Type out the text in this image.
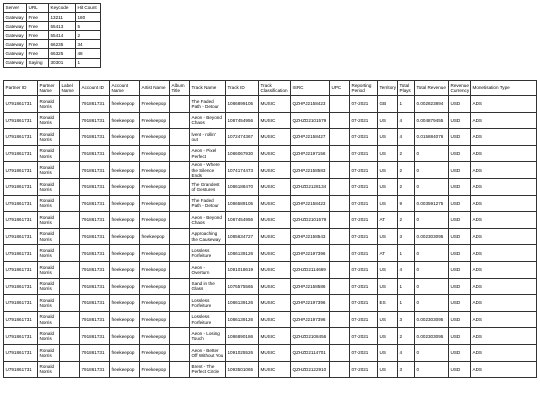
Server	URL	Keycode	Hit Count
Gateway	Free	13211	180
Gateway	Free	55413	5
Gateway	Free	55414	2
Gateway	Free	66235	34
Gateway	Free	66325	48
Gateway	Saying	30301	1
Partner ID	Partner Name	Label Name	Account ID	Account Name	Artist Name	Album Title	Track Name	Track ID	Track Classification	ISRC	UPC	Reporting Period	Territory	Total Plays	Total Revenue	Revenue Currency	Monetisation Type
U791861731	Ronald Norris		791861731	freekeepop	Freekeepop		The Faded Path - Detour	1086899105	MUSIC	QZHPJ2158423		07-2021	GB	1	0.002823894	USD	ADS
U791861731	Ronald Norris		791861731	freekeepop	Freekeepop		Aeon - Beyond Chaos	1087454956	MUSIC	QZHZD2101579		07-2021	US	4	0.004879455	USD	ADS
U791861731	Ronald Norris		791861731	freekeepop	Freekeepop		lvent - rollin' out	1072474367	MUSIC	QZHPJ2158427		07-2021	US	4	0.015884076	USD	ADS
U791861731	Ronald Norris		791861731	freekeepop	Freekeepop		Aeon - Pixel Perfect	1086067930	MUSIC	QZHPJ2197156		07-2021	US	2	0	USD	ADS
U791861731	Ronald Norris		791861731	freekeepop	Freekeepop		Aeon - Where the Silence Ends	1074174473	MUSIC	QZHPJ2158583		07-2021	US	2	0	USD	ADS
U791861731	Ronald Norris		791861731	freekeepop	Freekeepop		The Grandest of Gestures	1086188470	MUSIC	QZHZD2128134		07-2021	US	2	0	USD	ADS
U791861731	Ronald Norris		791861731	freekeepop	Freekeepop		The Faded Path - Detour	1086589105	MUSIC	QZHPJ2158423		07-2021	US	9	0.003591275	USD	ADS
U791861731	Ronald Norris		791861731	freekeepop	Freekeepop		Aeon - Beyond Chaos	1087454956	MUSIC	QZHZD2101579		07-2021	AT	2	0	USD	ADS
U791861731	Ronald Norris		791861731	freekeepop	freekeepop		Approaching the Causeway	1085634727	MUSIC	QZHPJ2158543		07-2021	US	3	0.002303095	USD	ADS
U791861731	Ronald Norris		791861731	freekeepop	Freekeepop		Lossless Forfeiture	1086139126	MUSIC	QZHPJ2197396		07-2021	AT	1	0	USD	ADS
U791861731	Ronald Norris		791861731	freekeepop	Freekeepop		Aeon - Overturn	1091018619	MUSIC	QZHZD2114669		07-2021	US	4	0	USD	ADS
U791861731	Ronald Norris		791861731	freekeepop	Freekeepop		Sand in the Glass	1075575565	MUSIC	QZHPJ2158586		07-2021	US	1	0	USD	ADS
U791861731	Ronald Norris		791861731	freekeepop	Freekeepop		Lossless Forfeiture	1086139126	MUSIC	QZHPJ2197396		07-2021	ES	1	0	USD	ADS
U791861731	Ronald Norris		791861731	freekeepop	Freekeepop		Lossless Forfeiture	1086139126	MUSIC	QZHPJ2197396		07-2021	US	3	0.002303095	USD	ADS
U791861731	Ronald Norris		791861731	freekeepop	Freekeepop		Aeon - Losing Touch	1086890186	MUSIC	QZHZD2108456		07-2021	US	2	0.002303095	USD	ADS
U791861731	Ronald Norris		791861731	freekeepop	Freekeepop		Aeon - Better Off Without You	1091025526	MUSIC	QZHZD2114701		07-2021	US	4	0	USD	ADS
U791861731	Ronald Norris		791861731	freekeepop	Freekeepop		Brent - The Perfect Circle	1093501065	MUSIC	QZHZD2122910		07-2021	US	3	0	USD	ADS
